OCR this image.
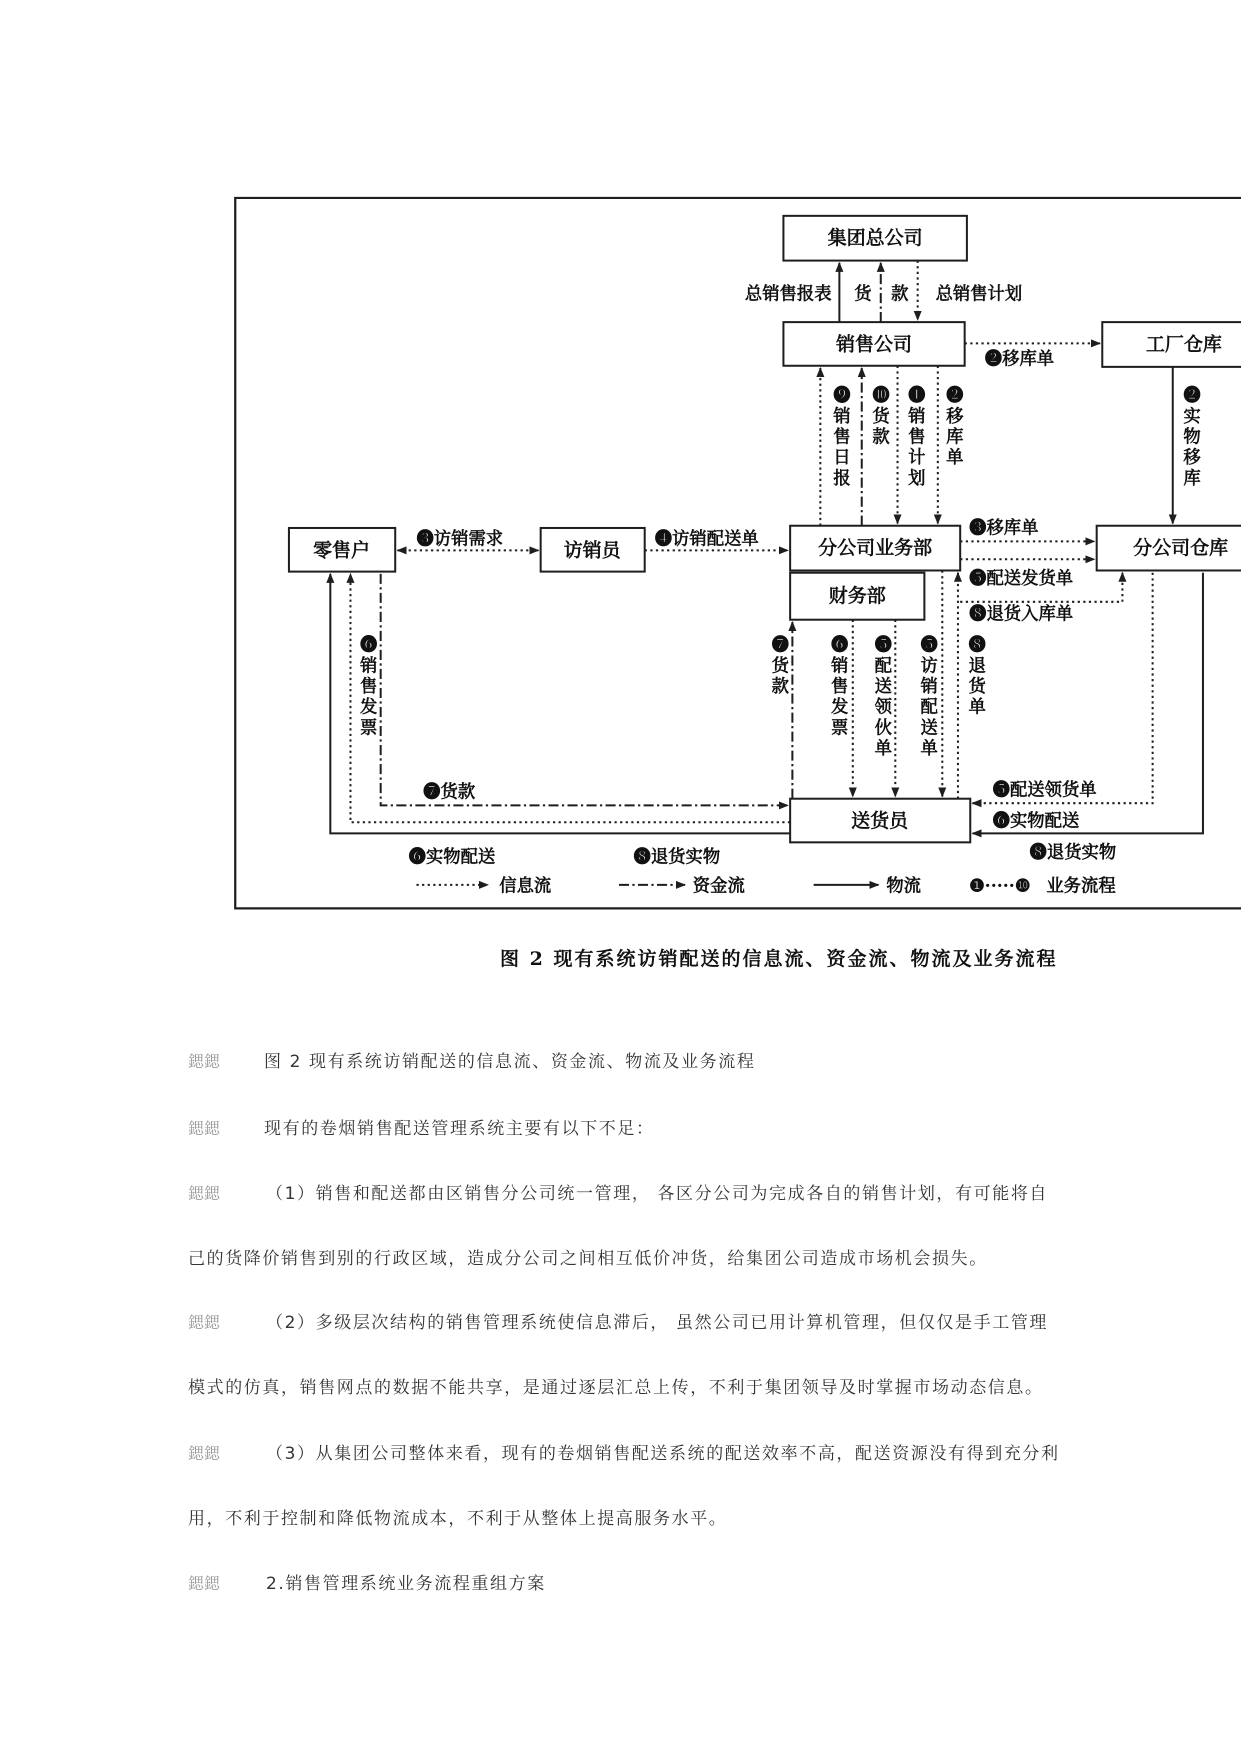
集团总公司
销售公司	工厂仓库
零售户	访销员	分公司业务部
财务部
分公司仓库
送货员
总销售报表 货 款 总销售计划
❷移库单
❷实物移库
❾销售日报 ❿货款 ❶销售计划 ❷移库单
❸访销需求	❹访销配送单
❸移库单
❺配送发货单
❽退货入库单
❺配送领货单
❻实物配送
❽退货实物
❼货款	❻销售发票 ❺配送领伙单 ❺访销配送单 ❽退货单
❻销售发票
❼货款
❻实物配送	❽退货实物
信息流	资金流	物流	❶·····❿ 业务流程
图 2 现有系统访销配送的信息流、资金流、物流及业务流程
鍶鍶	图 2 现有系统访销配送的信息流、资金流、物流及业务流程
鍶鍶	现有的卷烟销售配送管理系统主要有以下不足：
鍶鍶	（1）销售和配送都由区销售分公司统一管理， 各区分公司为完成各自的销售计划，有可能将自
己的货降价销售到别的行政区域，造成分公司之间相互低价冲货，给集团公司造成市场机会损失。
鍶鍶	（2）多级层次结构的销售管理系统使信息滞后， 虽然公司已用计算机管理，但仅仅是手工管理
模式的仿真，销售网点的数据不能共享，是通过逐层汇总上传，不利于集团领导及时掌握市场动态信息。
鍶鍶	（3）从集团公司整体来看，现有的卷烟销售配送系统的配送效率不高，配送资源没有得到充分利
用，不利于控制和降低物流成本，不利于从整体上提高服务水平。
鍶鍶	2.销售管理系统业务流程重组方案
